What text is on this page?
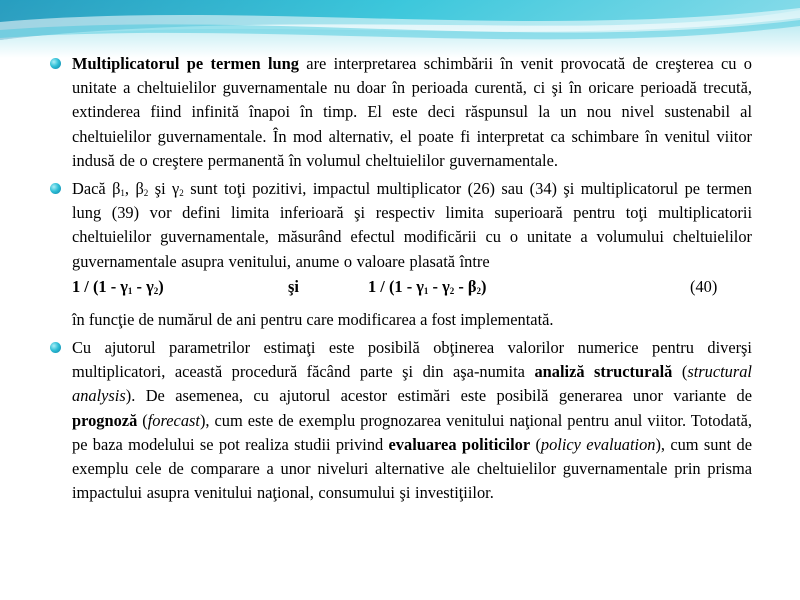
Multiplicatorul pe termen lung are interpretarea schimbării în venit provocată de creşterea cu o unitate a cheltuielilor guvernamentale nu doar în perioada curentă, ci şi în oricare perioadă trecută, extinderea fiind infinită înapoi în timp. El este deci răspunsul la un nou nivel sustenabil al cheltuielilor guvernamentale. În mod alternativ, el poate fi interpretat ca schimbare în venitul viitor indusă de o creştere permanentă în volumul cheltuielilor guvernamentale.
Dacă $\beta_1$, $\beta_2$ şi $\gamma_2$ sunt toţi pozitivi, impactul multiplicator (26) sau (34) şi multiplicatorul pe termen lung (39) vor defini limita inferioară şi respectiv limita superioară pentru toţi multiplicatorii cheltuielilor guvernamentale, măsurând efectul modificării cu o unitate a volumului cheltuielilor guvernamentale asupra venitului, anume o valoare plasată între
$1 / (1 - \gamma_1 - \gamma_2)$	şi	$1 / (1 - \gamma_1 - \gamma_2 - \beta_2)$	(40)
în funcţie de numărul de ani pentru care modificarea a fost implementată.
Cu ajutorul parametrilor estimaţi este posibilă obţinerea valorilor numerice pentru diverşi multiplicatori, această procedură făcând parte şi din aşa-numita analiză structurală (structural analysis). De asemenea, cu ajutorul acestor estimări este posibilă generarea unor variante de prognoză (forecast), cum este de exemplu prognozarea venitului naţional pentru anul viitor. Totodată, pe baza modelului se pot realiza studii privind evaluarea politicilor (policy evaluation), cum sunt de exemplu cele de comparare a unor niveluri alternative ale cheltuielilor guvernamentale prin prisma impactului asupra venitului naţional, consumului şi investiţiilor.
